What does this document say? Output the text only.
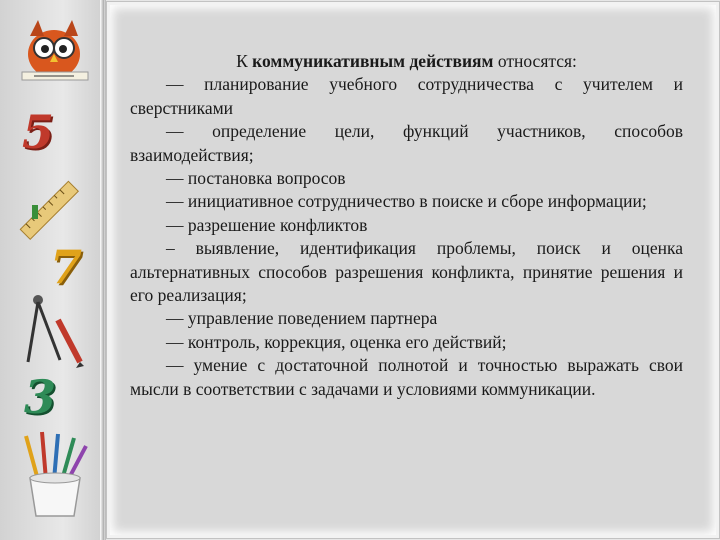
5
7
3

К коммуникативным действиям относятся:

— планирование учебного сотрудничества с учителем и сверстниками

— определение цели, функций участников, способов взаимодействия;

— постановка вопросов

— инициативное сотрудничество в поиске и сборе информации;

— разрешение конфликтов

– выявление, идентификация проблемы, поиск и оценка альтернативных способов разрешения конфликта, принятие решения и его реализация;

— управление поведением партнера

— контроль, коррекция, оценка его действий;

— умение с достаточной полнотой и точностью выражать свои мысли в соответствии с задачами и условиями коммуникации.
